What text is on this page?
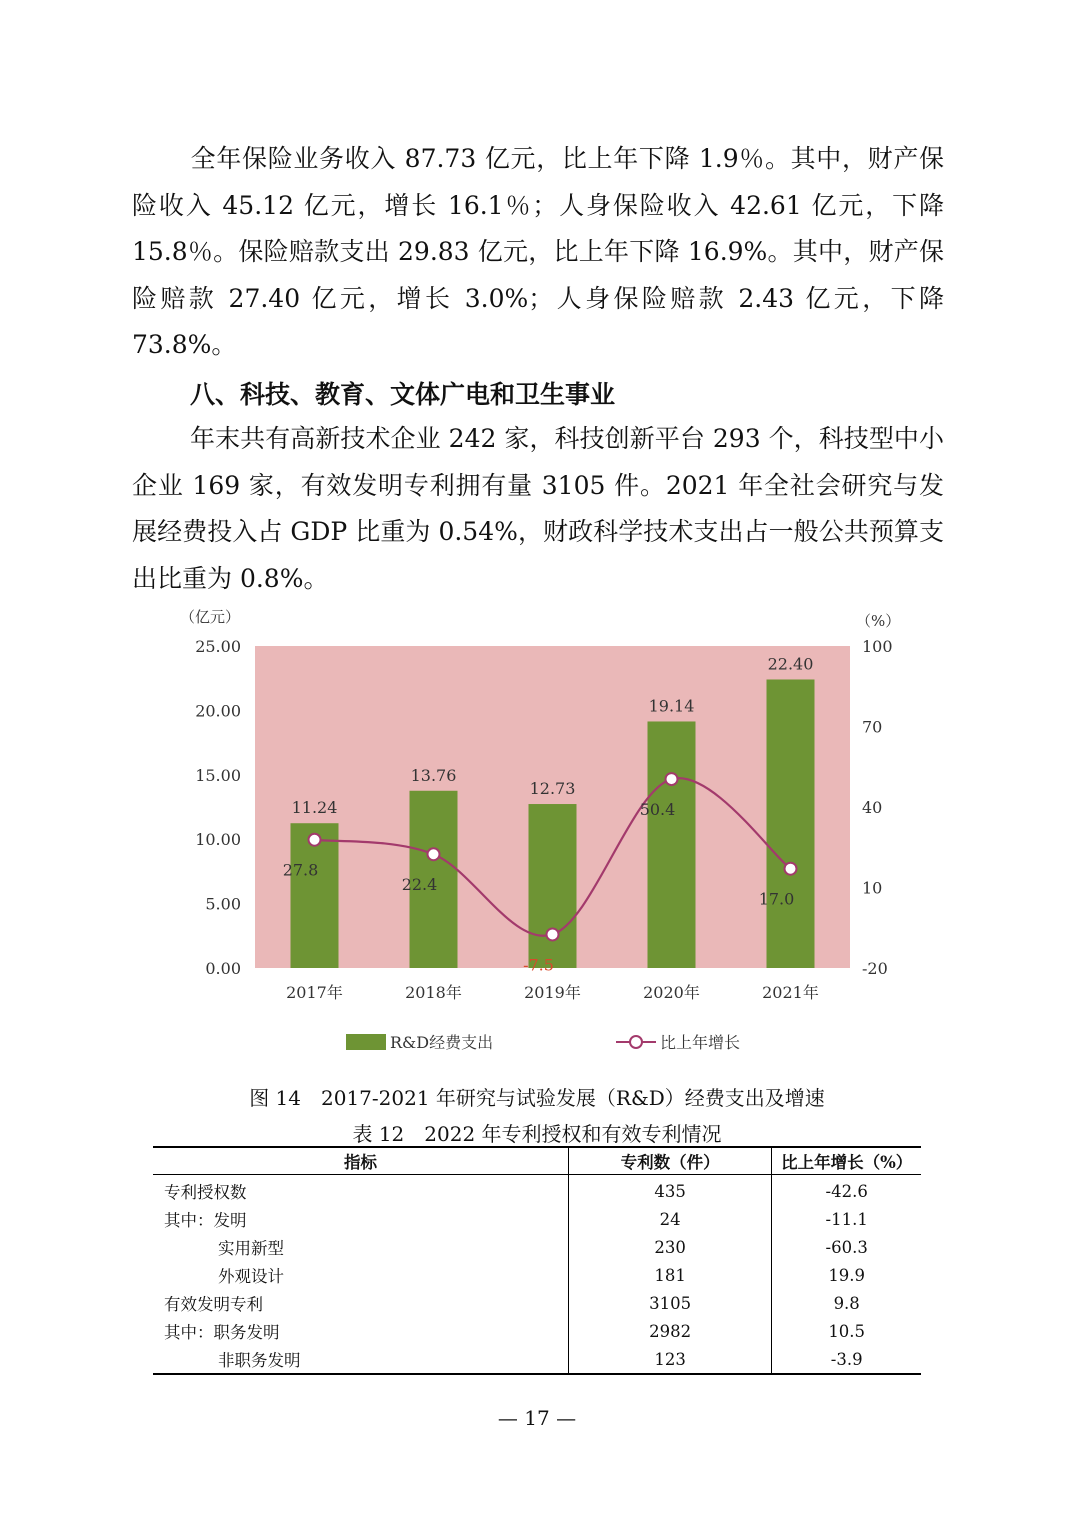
全年保险业务收入 87.73 亿元，比上年下降 1.9％。其中，财产保险收入 45.12 亿元，增长 16.1％；人身保险收入 42.61 亿元，下降 15.8％。保险赔款支出 29.83 亿元，比上年下降 16.9%。其中，财产保险赔款 27.40 亿元，增长 3.0%；人身保险赔款 2.43 亿元，下降 73.8%。

八、科技、教育、文体广电和卫生事业

年末共有高新技术企业 242 家，科技创新平台 293 个，科技型中小企业 169 家，有效发明专利拥有量 3105 件。2021 年全社会研究与发展经费投入占 GDP 比重为 0.54%，财政科学技术支出占一般公共预算支出比重为 0.8%。

0.00
5.00
10.00
15.00
20.00
25.00
（亿元）
-20
10
40
70
100
（%）
11.24
13.76
12.73
19.14
22.40
2017年	2018年	2019年	2020年	2021年
27.8
22.4
-7.5
50.4
17.0
R&D经费支出	比上年增长

图 14　2017-2021 年研究与试验发展（R&D）经费支出及增速

表 12　2022 年专利授权和有效专利情况

指标	专利数（件）	比上年增长（%）
专利授权数	435	-42.6
其中：发明	24	-11.1
实用新型	230	-60.3
外观设计	181	19.9
有效发明专利	3105	9.8
其中：职务发明	2982	10.5
非职务发明	123	-3.9

— 17 —
